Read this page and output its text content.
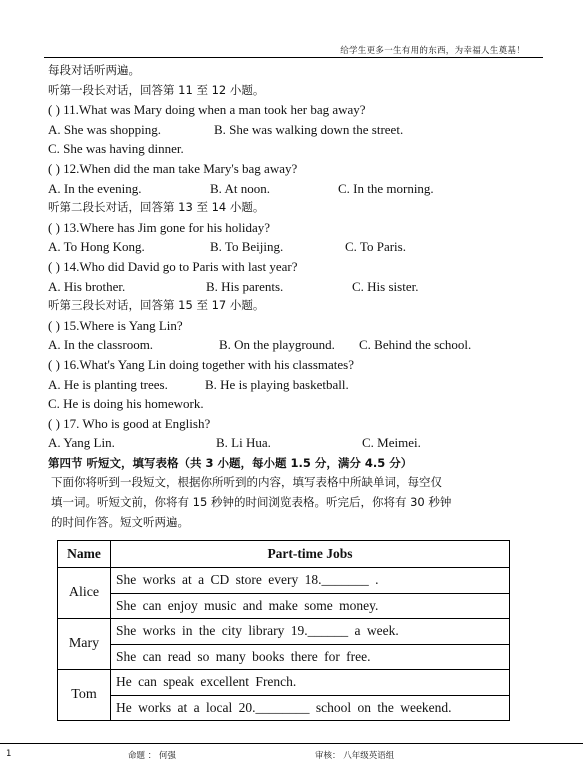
给学生更多一生有用的东西，为幸福人生奠基！
每段对话听两遍。
听第一段长对话，回答第 11 至 12 小题。
( ) 11.What was Mary doing when a man took her bag away?
A. She was shopping.	B. She was walking down the street.
C. She was having dinner.
( ) 12.When did the man take Mary's bag away?
A. In the evening.	B. At noon.	C. In the morning.
听第二段长对话，回答第 13 至 14 小题。
( ) 13.Where has Jim gone for his holiday?
A. To Hong Kong.	B. To Beijing.	C. To Paris.
( ) 14.Who did David go to Paris with last year?
A. His brother.	B. His parents.	C. His sister.
听第三段长对话，回答第 15 至 17 小题。
( ) 15.Where is Yang Lin?
A. In the classroom.	B. On the playground.	C. Behind the school.
( ) 16.What's Yang Lin doing together with his classmates?
A. He is planting trees.	B. He is playing basketball.
C. He is doing his homework.
( ) 17. Who is good at English?
A. Yang Lin.	B. Li Hua.	C. Meimei.
第四节 听短文，填写表格（共 3 小题，每小题 1.5 分，满分 4.5 分）
下面你将听到一段短文，根据你所听到的内容，填写表格中所缺单词，每空仅
填一词。听短文前，你将有 15 秒钟的时间浏览表格。听完后，你将有 30 秒钟
的时间作答。短文听两遍。
Name	Part-time Jobs
Alice	She works at a CD store every 18._______ .
	She can enjoy music and make some money.
Mary	She works in the city library 19.______ a week.
	She can read so many books there for free.
Tom	He can speak excellent French.
	He works at a local 20.________ school on the weekend.
1	命题 ： 何强	审核： 八年级英语组
